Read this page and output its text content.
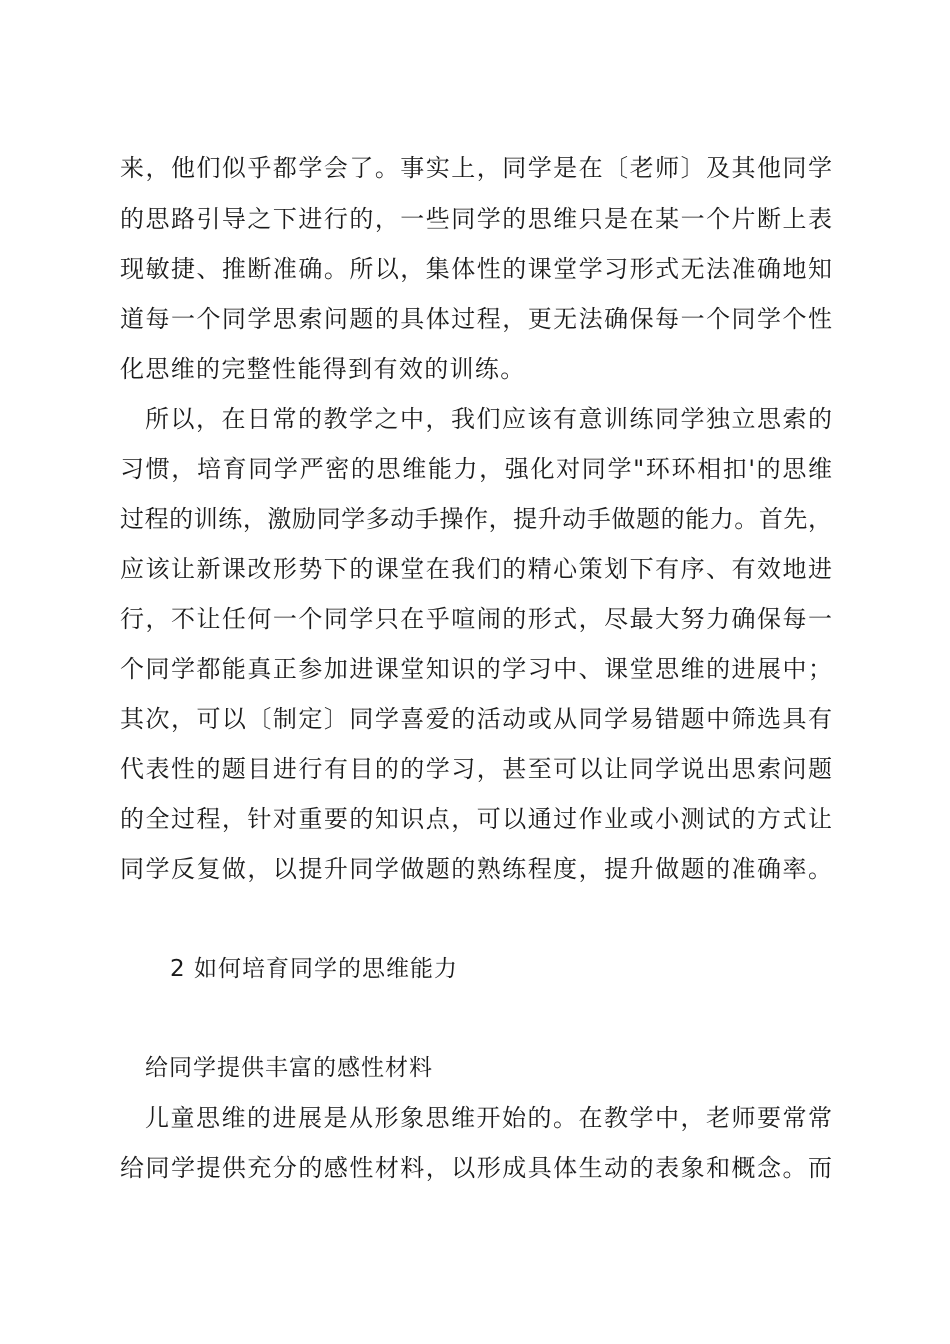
来，他们似乎都学会了。事实上，同学是在〔老师〕及其他同学
的思路引导之下进行的，一些同学的思维只是在某一个片断上表
现敏捷、推断准确。所以，集体性的课堂学习形式无法准确地知
道每一个同学思索问题的具体过程，更无法确保每一个同学个性
化思维的完整性能得到有效的训练。
所以，在日常的教学之中，我们应该有意训练同学独立思索的
习惯，培育同学严密的思维能力，强化对同学"环环相扣'的思维
过程的训练，激励同学多动手操作，提升动手做题的能力。首先，
应该让新课改形势下的课堂在我们的精心策划下有序、有效地进
行，不让任何一个同学只在乎喧闹的形式，尽最大努力确保每一
个同学都能真正参加进课堂知识的学习中、课堂思维的进展中；
其次，可以〔制定〕同学喜爱的活动或从同学易错题中筛选具有
代表性的题目进行有目的的学习，甚至可以让同学说出思索问题
的全过程，针对重要的知识点，可以通过作业或小测试的方式让
同学反复做，以提升同学做题的熟练程度，提升做题的准确率。
2 如何培育同学的思维能力
给同学提供丰富的感性材料
儿童思维的进展是从形象思维开始的。在教学中，老师要常常
给同学提供充分的感性材料，以形成具体生动的表象和概念。而
